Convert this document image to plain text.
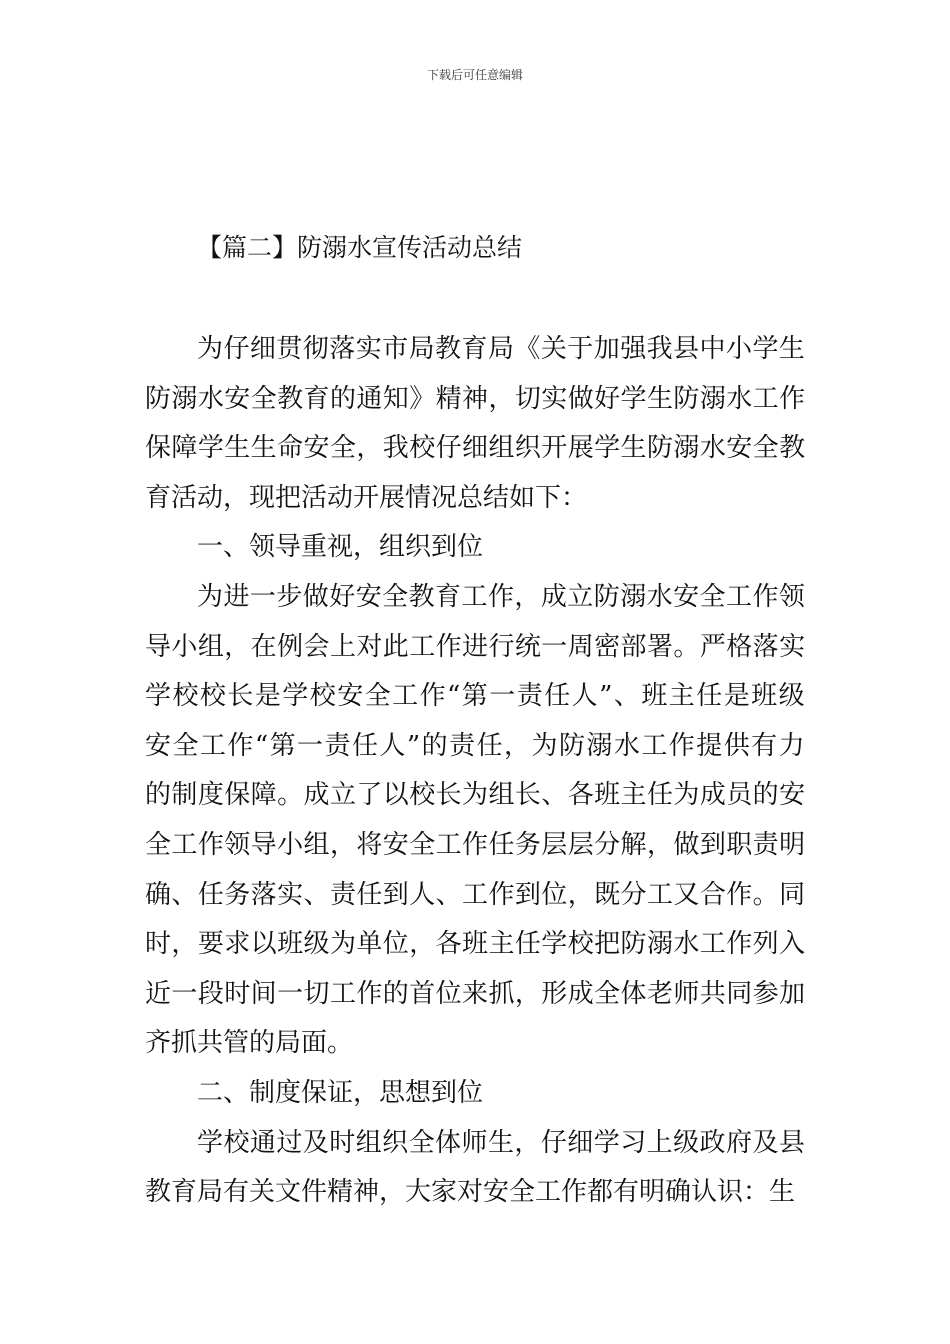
下载后可任意编辑
【篇二】防溺水宣传活动总结
为仔细贯彻落实市局教育局《关于加强我县中小学生
防溺水安全教育的通知》精神，切实做好学生防溺水工作
保障学生生命安全，我校仔细组织开展学生防溺水安全教
育活动，现把活动开展情况总结如下：
一、领导重视，组织到位
为进一步做好安全教育工作，成立防溺水安全工作领
导小组，在例会上对此工作进行统一周密部署。严格落实
学校校长是学校安全工作“第一责任人”、班主任是班级
安全工作“第一责任人”的责任，为防溺水工作提供有力
的制度保障。成立了以校长为组长、各班主任为成员的安
全工作领导小组，将安全工作任务层层分解，做到职责明
确、任务落实、责任到人、工作到位，既分工又合作。同
时，要求以班级为单位，各班主任学校把防溺水工作列入
近一段时间一切工作的首位来抓，形成全体老师共同参加
齐抓共管的局面。
二、制度保证，思想到位
学校通过及时组织全体师生，仔细学习上级政府及县
教育局有关文件精神，大家对安全工作都有明确认识：生
